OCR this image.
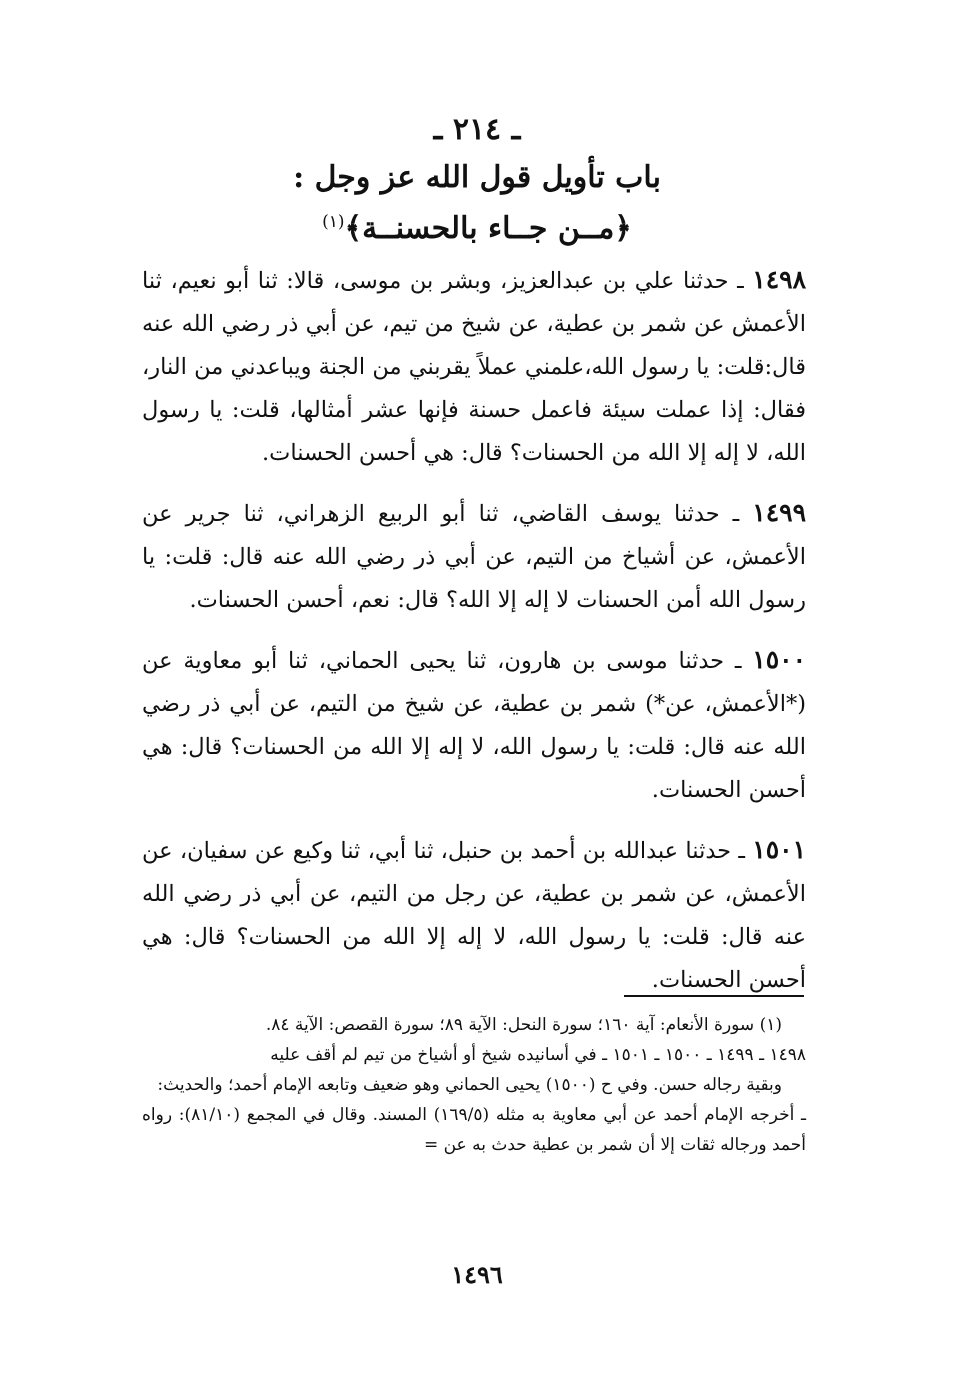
ـ ٢١٤ ـ
باب تأويل قول الله عز وجل :
﴿مــن جــاء بالحسنــة﴾$^{(١)}$

١٤٩٨ ـ حدثنا علي بن عبدالعزيز، وبشر بن موسى، قالا: ثنا أبو نعيم، ثنا الأعمش عن شمر بن عطية، عن شيخ من تيم، عن أبي ذر رضي الله عنه قال:قلت: يا رسول الله،علمني عملاً يقربني من الجنة ويباعدني من النار، فقال: إذا عملت سيئة فاعمل حسنة فإنها عشر أمثالها، قلت: يا رسول الله، لا إله إلا الله من الحسنات؟ قال: هي أحسن الحسنات.

١٤٩٩ ـ حدثنا يوسف القاضي، ثنا أبو الربيع الزهراني، ثنا جرير عن الأعمش، عن أشياخ من التيم، عن أبي ذر رضي الله عنه قال: قلت: يا رسول الله أمن الحسنات لا إله إلا الله؟ قال: نعم، أحسن الحسنات.

١٥٠٠ ـ حدثنا موسى بن هارون، ثنا يحيى الحماني، ثنا أبو معاوية عن (*الأعمش، عن*) شمر بن عطية، عن شيخ من التيم، عن أبي ذر رضي الله عنه قال: قلت: يا رسول الله، لا إله إلا الله من الحسنات؟ قال: هي أحسن الحسنات.

١٥٠١ ـ حدثنا عبدالله بن أحمد بن حنبل، ثنا أبي، ثنا وكيع عن سفيان، عن الأعمش، عن شمر بن عطية، عن رجل من التيم، عن أبي ذر رضي الله عنه قال: قلت: يا رسول الله، لا إله إلا الله من الحسنات؟ قال: هي أحسن الحسنات.

(١) سورة الأنعام: آية ١٦٠؛ سورة النحل: الآية ٨٩؛ سورة القصص: الآية ٨٤.

١٤٩٨ ـ ١٤٩٩ ـ ١٥٠٠ ـ ١٥٠١ ـ في أسانيده شيخ أو أشياخ من تيم لم أقف عليه

وبقية رجاله حسن. وفي ح (١٥٠٠) يحيى الحماني وهو ضعيف وتابعه الإمام أحمد؛ والحديث:

ـ أخرجه الإمام أحمد عن أبي معاوية به مثله (١٦٩/٥) المسند. وقال في المجمع (٨١/١٠): رواه أحمد ورجاله ثقات إلا أن شمر بن عطية حدث به عن =

١٤٩٦
